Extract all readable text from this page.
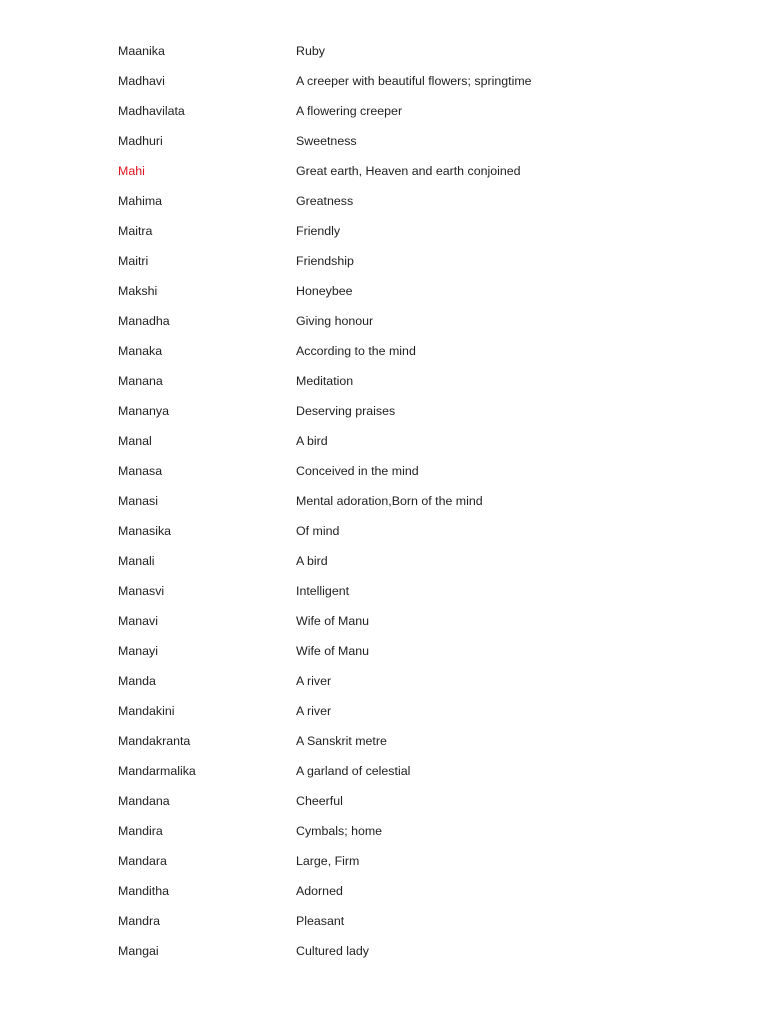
Maanika	Ruby
Madhavi	A creeper with beautiful flowers; springtime
Madhavilata	A flowering creeper
Madhuri	Sweetness
Mahi	Great earth, Heaven and earth conjoined
Mahima	Greatness
Maitra	Friendly
Maitri	Friendship
Makshi	Honeybee
Manadha	Giving honour
Manaka	According to the mind
Manana	Meditation
Mananya	Deserving praises
Manal	A bird
Manasa	Conceived in the mind
Manasi	Mental adoration,Born of the mind
Manasika	Of mind
Manali	A bird
Manasvi	Intelligent
Manavi	Wife of Manu
Manayi	Wife of Manu
Manda	A river
Mandakini	A river
Mandakranta	A Sanskrit metre
Mandarmalika	A garland of celestial
Mandana	Cheerful
Mandira	Cymbals; home
Mandara	Large, Firm
Manditha	Adorned
Mandra	Pleasant
Mangai	Cultured lady
